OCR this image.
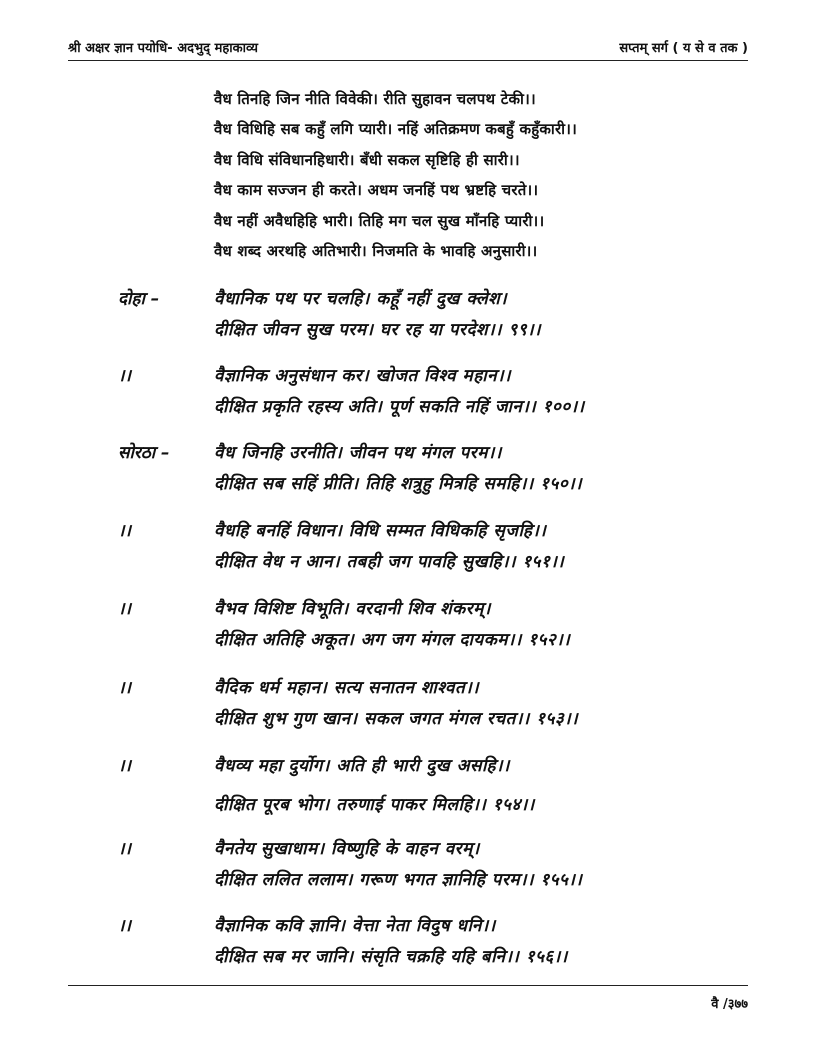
श्री अक्षर ज्ञान पयोधि- अदभुद् महाकाव्य	सप्तम् सर्ग ( य से व तक )
वैध तिनहि जिन नीति विवेकी। रीति सुहावन चलपथ टेकी।।
वैध विधिहि सब कहुँ लगि प्यारी। नहिं अतिक्रमण कबहुँ कहुँकारी।।
वैध विधि संविधानहिधारी। बँधी सकल सृष्टिहि ही सारी।।
वैध काम सज्जन ही करते। अधम जनहिं पथ भ्रष्टहि चरते।।
वैध नहीं अवैधहिहि भारी। तिहि मग चल सुख माँनहि प्यारी।।
वैध शब्द अरथहि अतिभारी। निजमति के भावहि अनुसारी।।
दोहा –	वैधानिक पथ पर चलहि। कहूँ नहीं दुख क्लेश।
दीक्षित जीवन सुख परम। घर रह या परदेश।। ९९।।
।।	वैज्ञानिक अनुसंधान कर। खोजत विश्व महान।।
दीक्षित प्रकृति रहस्य अति। पूर्ण सकति नहिं जान।। १००।।
सोरठा –	वैध जिनहि उरनीति। जीवन पथ मंगल परम।।
दीक्षित सब सहिं प्रीति। तिहि शत्रुहु मित्रहि समहि।। १५०।।
।।	वैधहि बनहिं विधान। विधि सम्मत विधिकहि सृजहि।।
दीक्षित वेध न आन। तबही जग पावहि सुखहि।। १५१।।
।।	वैभव विशिष्ट विभूति। वरदानी शिव शंकरम्।
दीक्षित अतिहि अकूत। अग जग मंगल दायकम।। १५२।।
।।	वैदिक धर्म महान। सत्य सनातन शाश्वत।।
दीक्षित शुभ गुण खान। सकल जगत मंगल रचत।। १५३।।
।।	वैधव्य महा दुर्योग। अति ही भारी दुख असहि।।
दीक्षित पूरब भोग। तरुणाई पाकर मिलहि।। १५४।।
।।	वैनतेय सुखाधाम। विष्णुहि के वाहन वरम्।
दीक्षित ललित ललाम। गरूण भगत ज्ञानिहि परम।। १५५।।
।।	वैज्ञानिक कवि ज्ञानि। वेत्ता नेता विदुष धनि।।
दीक्षित सब मर जानि। संसृति चक्रहि यहि बनि।। १५६।।
वै /३७७
